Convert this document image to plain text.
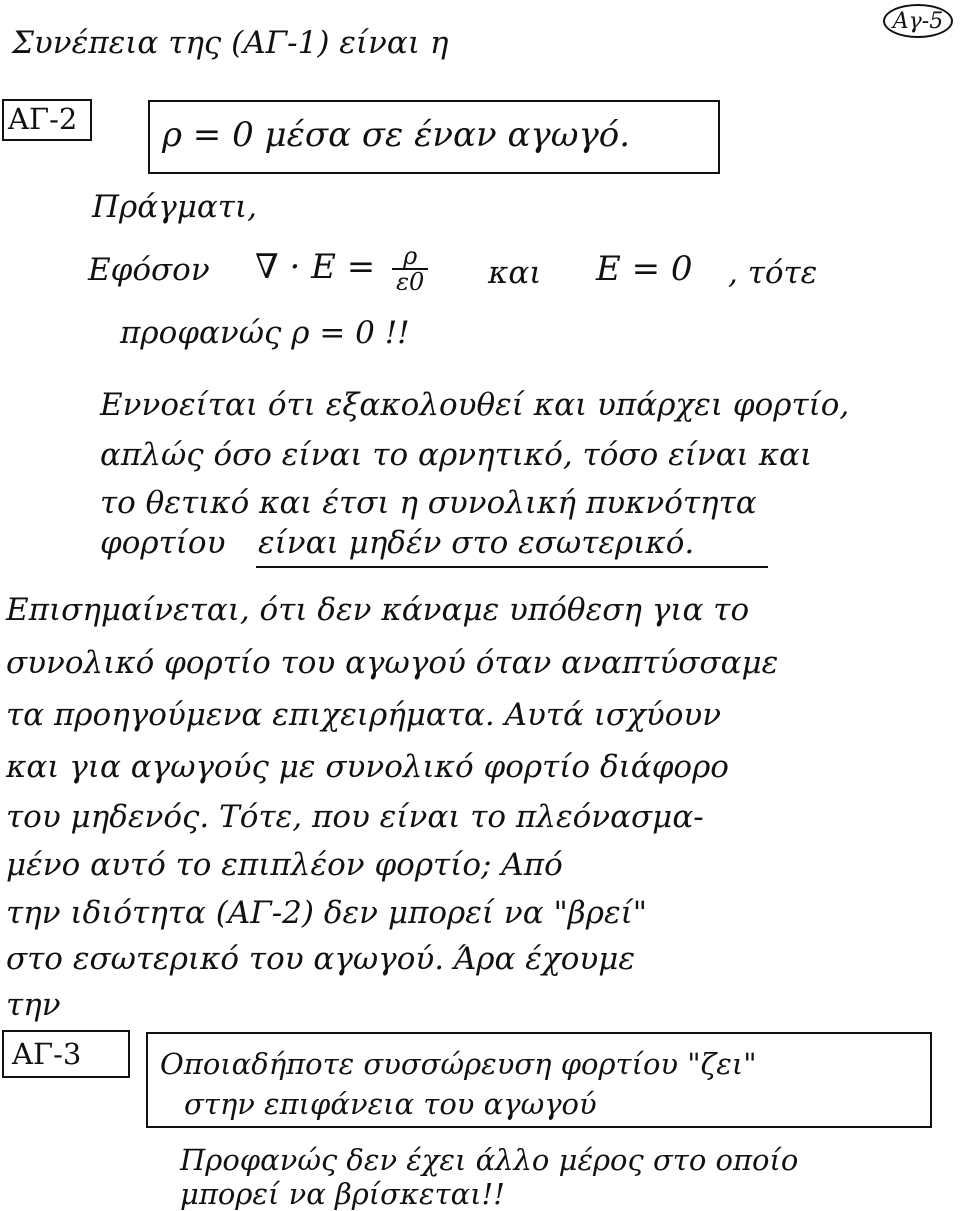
Αγ-5
Συνέπεια της (ΑΓ-1) είναι η
ΑΓ-2 ρ = 0 μέσα σε έναν αγωγό.
Πράγματι,
Εφόσον ∇ · $E = \frac{\rho}{\varepsilon 0}$ και E = 0 , τότε
προφανώς ρ = 0 !!
Εννοείται ότι εξακολουθεί και υπάρχει φορτίο,
απλώς όσο είναι το αρνητικό, τόσο είναι και
το θετικό και έτσι η συνολική πυκνότητα
φορτίου είναι μηδέν στο εσωτερικό.
Επισημαίνεται, ότι δεν κάναμε υπόθεση για το
συνολικό φορτίο του αγωγού όταν αναπτύσσαμε
τα προηγούμενα επιχειρήματα. Αυτά ισχύουν
και για αγωγούς με συνολικό φορτίο διάφορο
του μηδενός. Τότε, που είναι το πλεόνασμα-
μένο αυτό το επιπλέον φορτίο; Από
την ιδιότητα (ΑΓ-2) δεν μπορεί να "βρεί"
στο εσωτερικό του αγωγού. Άρα έχουμε
την
ΑΓ-3	Οποιαδήποτε συσσώρευση φορτίου "ζει"
στην επιφάνεια του αγωγού
Προφανώς δεν έχει άλλο μέρος στο οποίο
μπορεί να βρίσκεται!!
